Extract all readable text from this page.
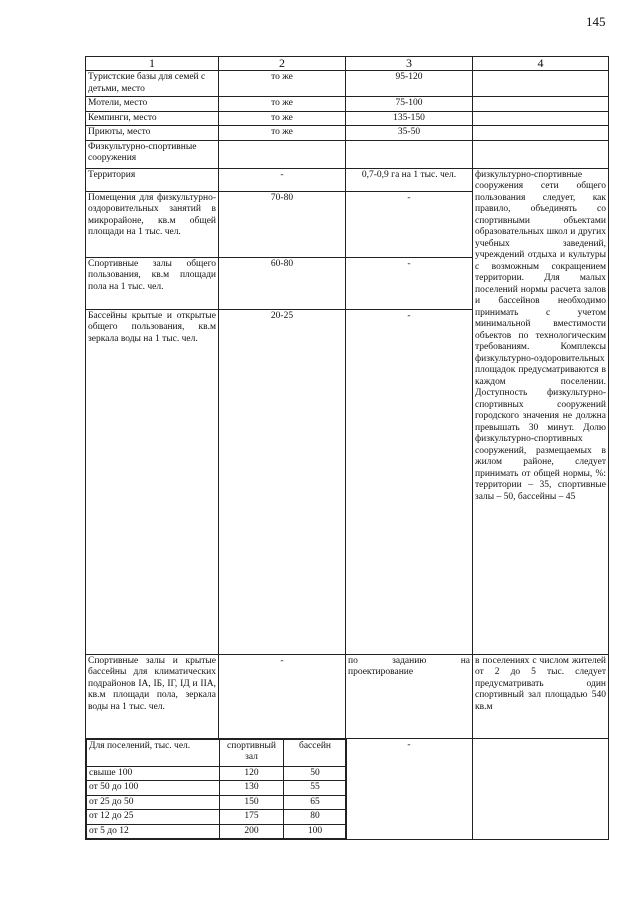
145
1	2	3	4
Туристские базы для семей с детьми, место	то же	95-120	
Мотели, место	то же	75-100	
Кемпинги, место	то же	135-150	
Приюты, место	то же	35-50	
Физкультурно-спортивные сооружения			
Территория	-	0,7-0,9 га на 1 тыс. чел.	физкультурно-спортивные сооружения сети общего пользования следует, как правило, объединять со спортивными объектами образовательных школ и других учебных заведений, учреждений отдыха и культуры с возможным сокращением территории. Для малых поселений нормы расчета залов и бассейнов необходимо принимать с учетом минимальной вместимости объектов по технологическим требованиям. Комплексы физкультурно-оздоровительных площадок предусматриваются в каждом поселении. Доступность физкультурно-спортивных сооружений городского значения не должна превышать 30 минут. Долю физкультурно-спортивных сооружений, размещаемых в жилом районе, следует принимать от общей нормы, %: территории – 35, спортивные залы – 50, бассейны – 45
Помещения для физкультурно-оздоровительных занятий в микрорайоне, кв.м общей площади на 1 тыс. чел.	70-80	-
Спортивные залы общего пользования, кв.м площади пола на 1 тыс. чел.	60-80	-
Бассейны крытые и открытые общего пользования, кв.м зеркала воды на 1 тыс. чел.	20-25	-
Спортивные залы и крытые бассейны для климатических подрайонов IA, IБ, IГ, IД и IIА, кв.м площади пола, зеркала воды на 1 тыс. чел.	-	по заданию на проектирование	в поселениях с числом жителей от 2 до 5 тыс. следует предусматривать один спортивный зал площадью 540 кв.м

Для поселений, тыс. чел.	спортивный зал	бассейн
свыше 100	120	50
от 50 до 100	130	55
от 25 до 50	150	65
от 12 до 25	175	80
от 5 до 12	200	100
	-	
